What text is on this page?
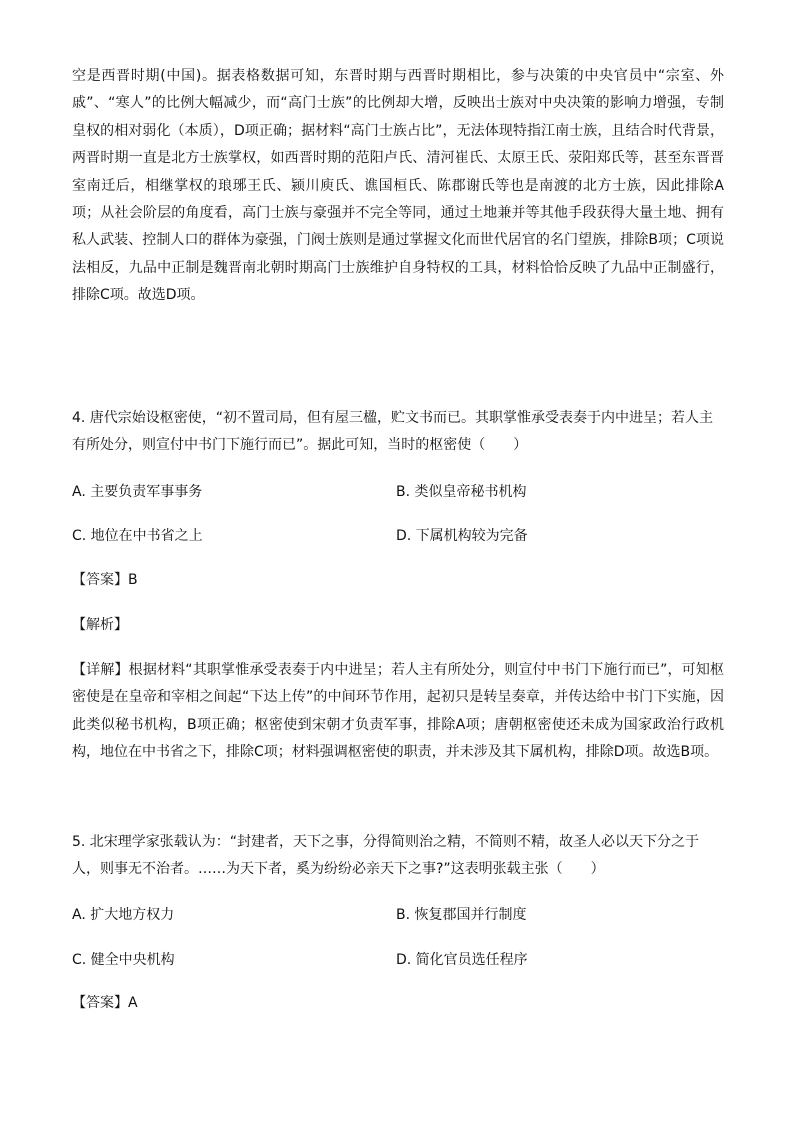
空是西晋时期(中国)。据表格数据可知，东晋时期与西晋时期相比，参与决策的中央官员中“宗室、外戚”、“寒人”的比例大幅减少，而“高门士族”的比例却大增，反映出士族对中央决策的影响力增强，专制皇权的相对弱化（本质），D项正确；据材料“高门士族占比”，无法体现特指江南士族，且结合时代背景，两晋时期一直是北方士族掌权，如西晋时期的范阳卢氏、清河崔氏、太原王氏、荥阳郑氏等，甚至东晋晋室南迁后，相继掌权的琅琊王氏、颍川庾氏、谯国桓氏、陈郡谢氏等也是南渡的北方士族，因此排除A项；从社会阶层的角度看，高门士族与豪强并不完全等同，通过土地兼并等其他手段获得大量土地、拥有私人武装、控制人口的群体为豪强，门阀士族则是通过掌握文化而世代居官的名门望族，排除B项；C项说法相反，九品中正制是魏晋南北朝时期高门士族维护自身特权的工具，材料恰恰反映了九品中正制盛行，排除C项。故选D项。

4. 唐代宗始设枢密使，“初不置司局，但有屋三楹，贮文书而已。其职掌惟承受表奏于内中进呈；若人主有所处分，则宣付中书门下施行而已”。据此可知，当时的枢密使（　　）

A. 主要负责军事事务	B. 类似皇帝秘书机构

C. 地位在中书省之上	D. 下属机构较为完备

【答案】B

【解析】

【详解】根据材料“其职掌惟承受表奏于内中进呈；若人主有所处分，则宣付中书门下施行而已”，可知枢密使是在皇帝和宰相之间起“下达上传”的中间环节作用，起初只是转呈奏章，并传达给中书门下实施，因此类似秘书机构，B项正确；枢密使到宋朝才负责军事，排除A项；唐朝枢密使还未成为国家政治行政机构，地位在中书省之下，排除C项；材料强调枢密使的职责，并未涉及其下属机构，排除D项。故选B项。

5. 北宋理学家张载认为：“封建者，天下之事，分得简则治之精，不简则不精，故圣人必以天下分之于人，则事无不治者。……为天下者，奚为纷纷必亲天下之事?”这表明张载主张（　　）

A. 扩大地方权力	B. 恢复郡国并行制度

C. 健全中央机构	D. 简化官员选任程序

【答案】A
